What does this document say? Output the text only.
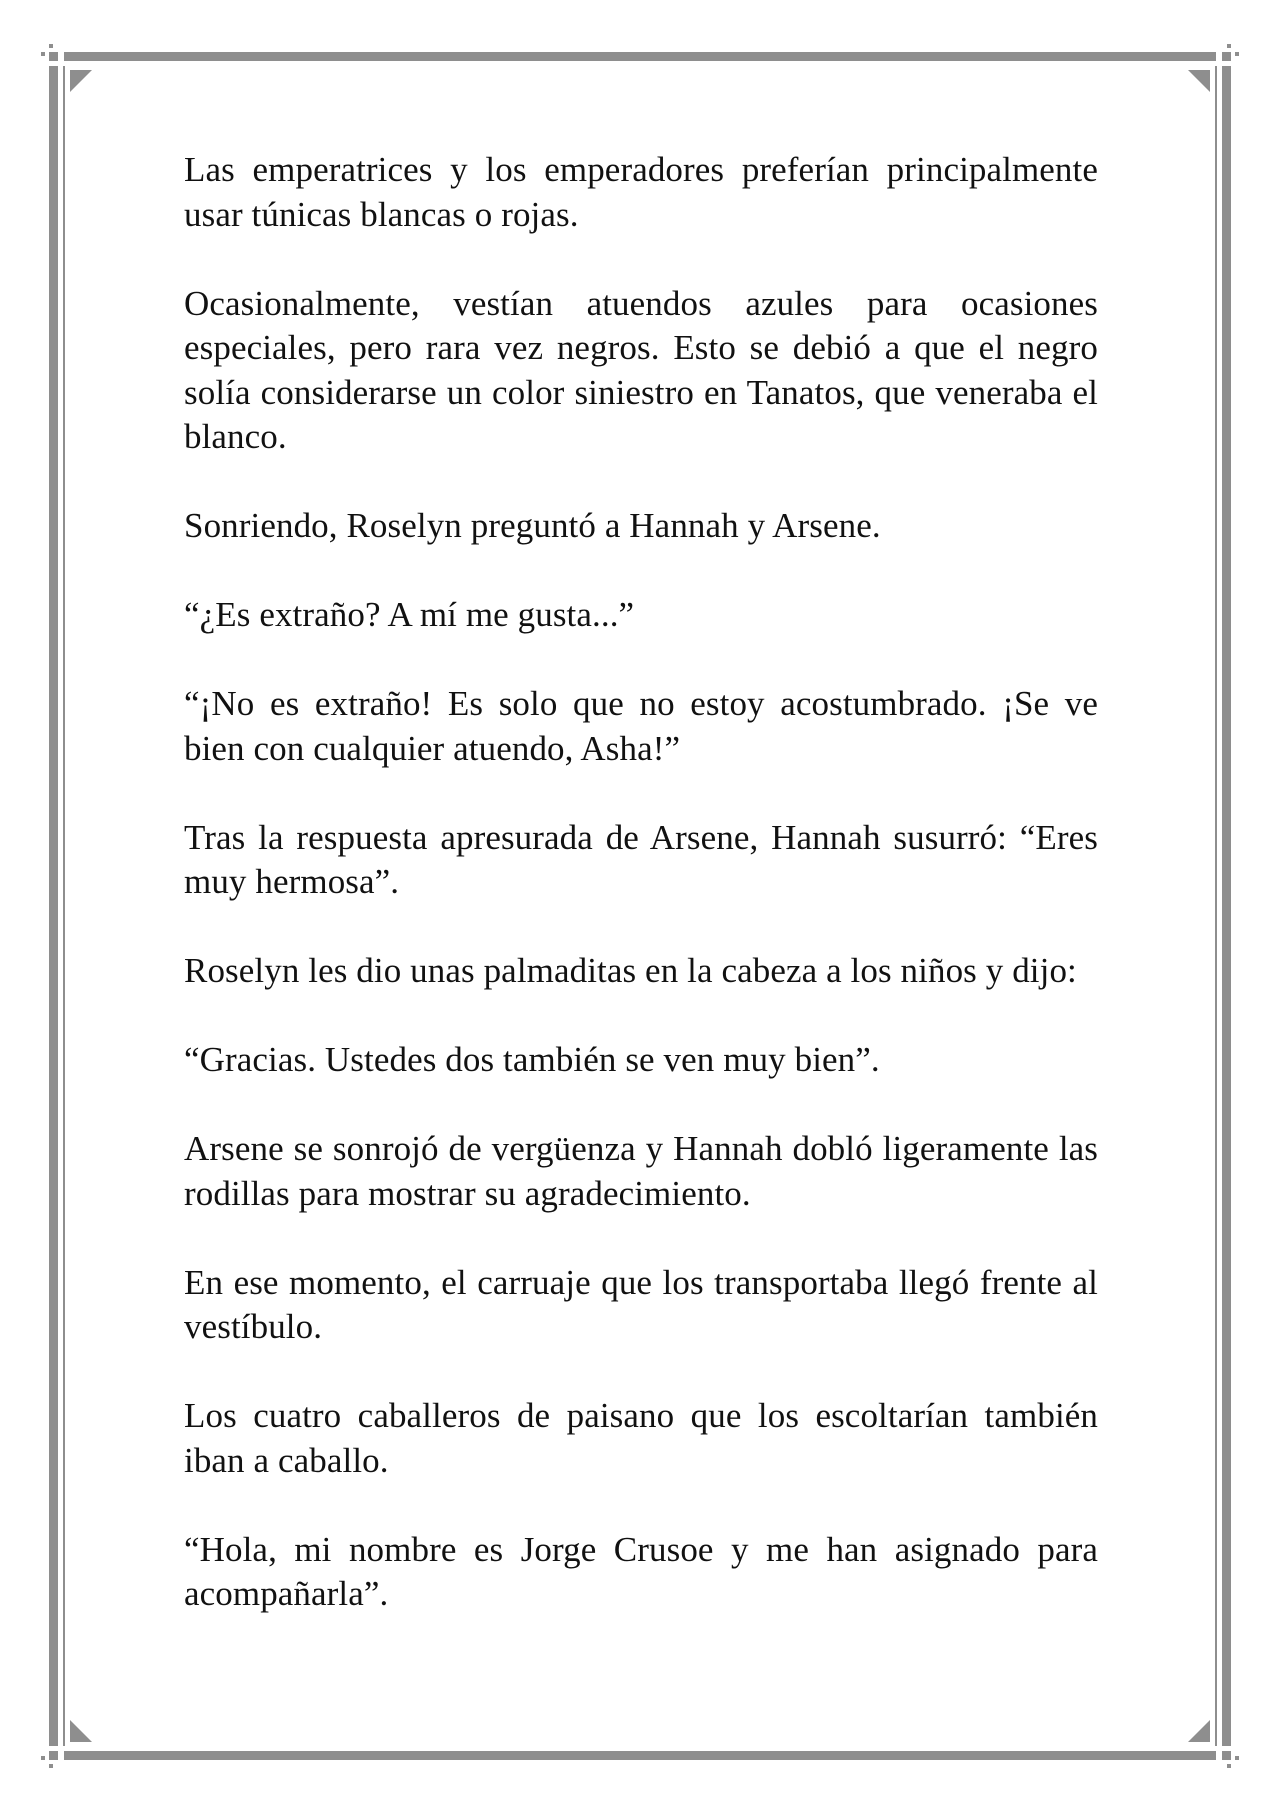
Las emperatrices y los emperadores preferían principalmente usar túnicas blancas o rojas.

Ocasionalmente, vestían atuendos azules para ocasiones especiales, pero rara vez negros. Esto se debió a que el negro solía considerarse un color siniestro en Tanatos, que veneraba el blanco.

Sonriendo, Roselyn preguntó a Hannah y Arsene.

“¿Es extraño? A mí me gusta...”

“¡No es extraño! Es solo que no estoy acostumbrado. ¡Se ve bien con cualquier atuendo, Asha!”

Tras la respuesta apresurada de Arsene, Hannah susurró: “Eres muy hermosa”.

Roselyn les dio unas palmaditas en la cabeza a los niños y dijo:

“Gracias. Ustedes dos también se ven muy bien”.

Arsene se sonrojó de vergüenza y Hannah dobló ligeramente las rodillas para mostrar su agradecimiento.

En ese momento, el carruaje que los transportaba llegó frente al vestíbulo.

Los cuatro caballeros de paisano que los escoltarían también iban a caballo.

“Hola, mi nombre es Jorge Crusoe y me han asignado para acompañarla”.
